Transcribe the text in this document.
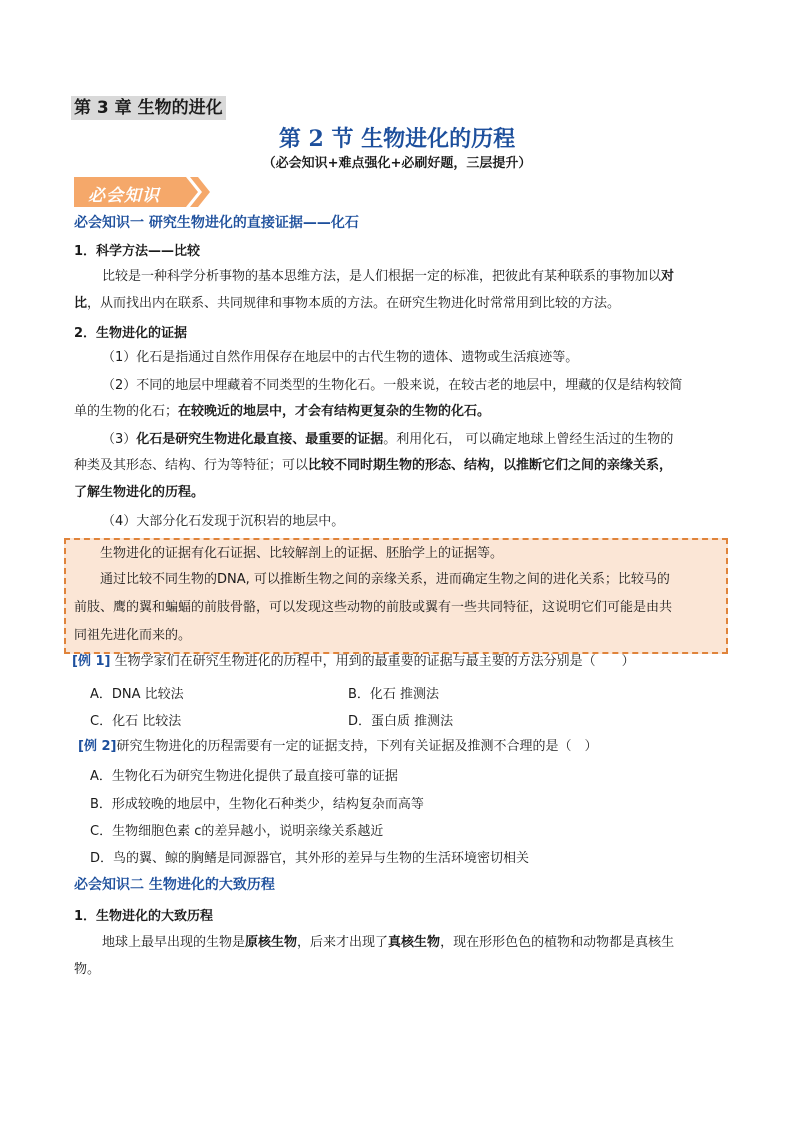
第 3 章 生物的进化
第 2 节 生物进化的历程
（必会知识+难点强化+必刷好题，三层提升）
必会知识
必会知识一 研究生物进化的直接证据——化石
1．科学方法——比较
比较是一种科学分析事物的基本思维方法，是人们根据一定的标准，把彼此有某种联系的事物加以对
比，从而找出内在联系、共同规律和事物本质的方法。在研究生物进化时常常用到比较的方法。
2．生物进化的证据
（1）化石是指通过自然作用保存在地层中的古代生物的遗体、遗物或生活痕迹等。
（2）不同的地层中埋藏着不同类型的生物化石。一般来说，在较古老的地层中，埋藏的仅是结构较简
单的生物的化石；在较晚近的地层中，才会有结构更复杂的生物的化石。
（3）化石是研究生物进化最直接、最重要的证据。利用化石， 可以确定地球上曾经生活过的生物的
种类及其形态、结构、行为等特征；可以比较不同时期生物的形态、结构，以推断它们之间的亲缘关系，
了解生物进化的历程。
（4）大部分化石发现于沉积岩的地层中。
生物进化的证据有化石证据、比较解剖上的证据、胚胎学上的证据等。
通过比较不同生物的DNA, 可以推断生物之间的亲缘关系，进而确定生物之间的进化关系；比较马的
前肢、鹰的翼和蝙蝠的前肢骨骼，可以发现这些动物的前肢或翼有一些共同特征，这说明它们可能是由共
同祖先进化而来的。
[例 1] 生物学家们在研究生物进化的历程中，用到的最重要的证据与最主要的方法分别是（　　）
A．DNA 比较法	B．化石 推测法
C．化石 比较法	D．蛋白质 推测法
[例 2]研究生物进化的历程需要有一定的证据支持，下列有关证据及推测不合理的是（　）
A．生物化石为研究生物进化提供了最直接可靠的证据
B．形成较晚的地层中，生物化石种类少，结构复杂而高等
C．生物细胞色素 c的差异越小，说明亲缘关系越近
D．鸟的翼、鲸的胸鳍是同源器官，其外形的差异与生物的生活环境密切相关
必会知识二 生物进化的大致历程
1．生物进化的大致历程
地球上最早出现的生物是原核生物，后来才出现了真核生物，现在形形色色的植物和动物都是真核生
物。
